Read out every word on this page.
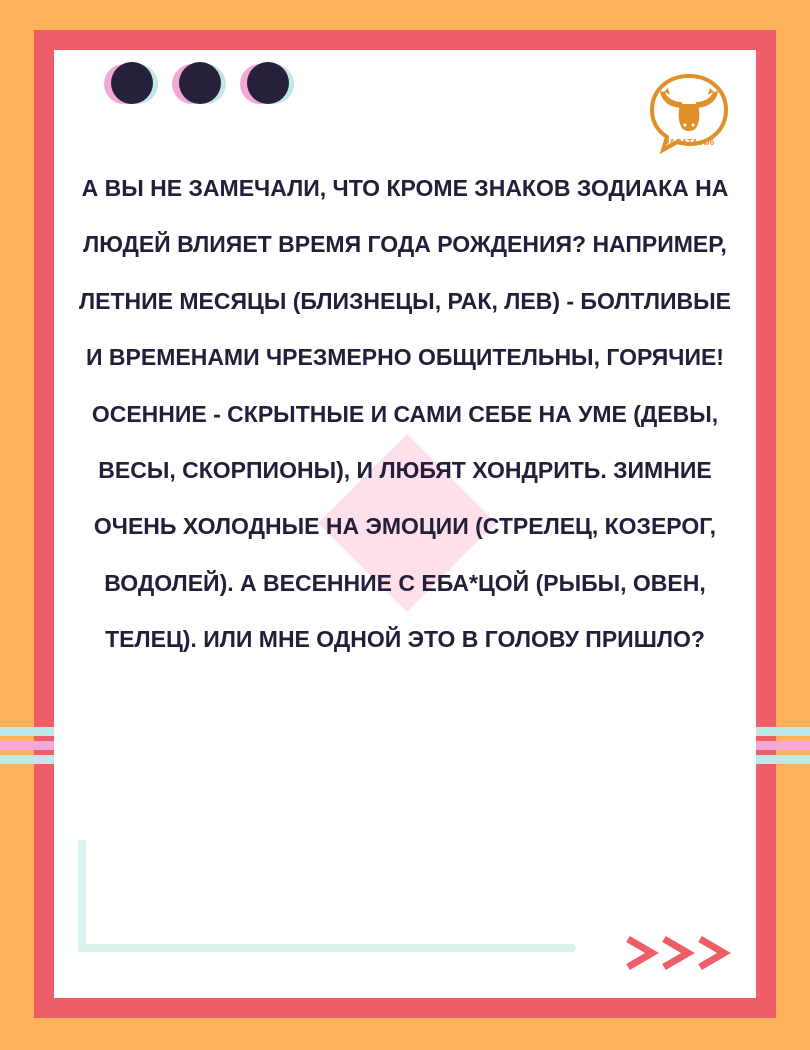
ПАЛАТА №6

А ВЫ НЕ ЗАМЕЧАЛИ, ЧТО КРОМЕ ЗНАКОВ ЗОДИАКА НА ЛЮДЕЙ ВЛИЯЕТ ВРЕМЯ ГОДА РОЖДЕНИЯ? НАПРИМЕР, ЛЕТНИЕ МЕСЯЦЫ (БЛИЗНЕЦЫ, РАК, ЛЕВ) - БОЛТЛИВЫЕ И ВРЕМЕНАМИ ЧРЕЗМЕРНО ОБЩИТЕЛЬНЫ, ГОРЯЧИЕ! ОСЕННИЕ - СКРЫТНЫЕ И САМИ СЕБЕ НА УМЕ (ДЕВЫ, ВЕСЫ, СКОРПИОНЫ), И ЛЮБЯТ ХОНДРИТЬ. ЗИМНИЕ ОЧЕНЬ ХОЛОДНЫЕ НА ЭМОЦИИ (СТРЕЛЕЦ, КОЗЕРОГ, ВОДОЛЕЙ). А ВЕСЕННИЕ С ЕБА*ЦОЙ (РЫБЫ, ОВЕН, ТЕЛЕЦ). ИЛИ МНЕ ОДНОЙ ЭТО В ГОЛОВУ ПРИШЛО?
